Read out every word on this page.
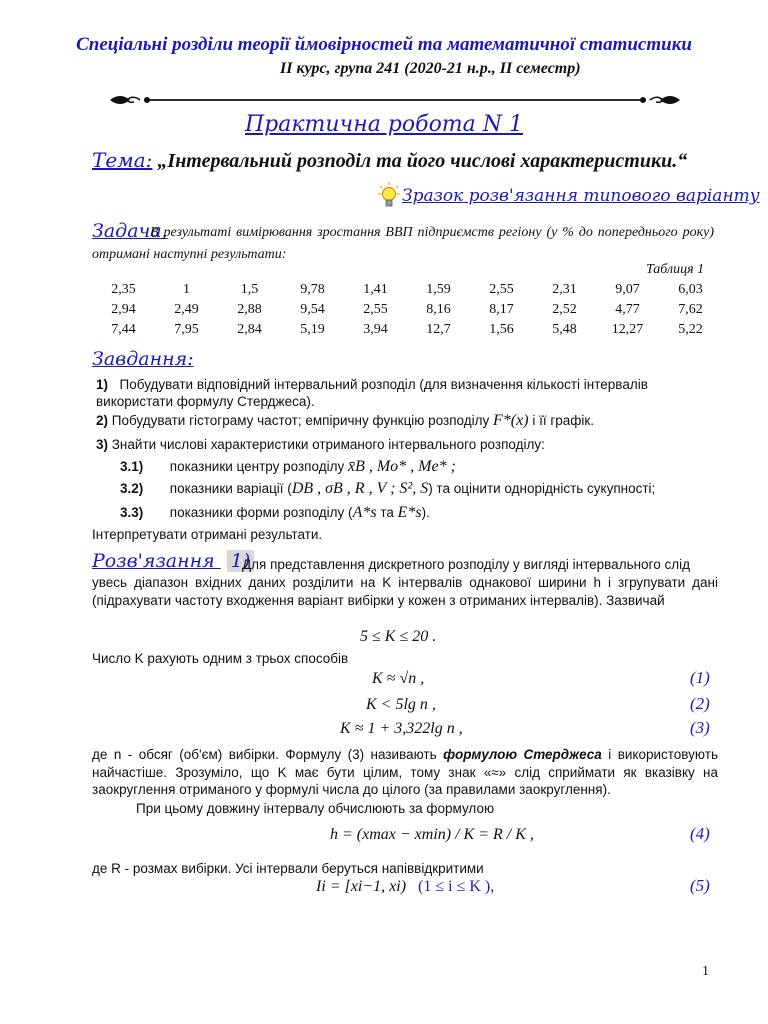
Спеціальні розділи теорії ймовірностей та математичної статистики
II курс, група 241 (2020-21 н.р., II семестр)
Практична робота N 1
Тема: „Інтервальний розподіл та його числові характеристики.“
Зразок розв'язання типового варіанту
Задача.
В результаті вимірювання зростання ВВП підприємств регіону (у % до попереднього року) отримані наступні результати:
Таблиця 1
2,35	1	1,5	9,78	1,41	1,59	2,55	2,31	9,07	6,03
2,94	2,49	2,88	9,54	2,55	8,16	8,17	2,52	4,77	7,62
7,44	7,95	2,84	5,19	3,94	12,7	1,56	5,48	12,27	5,22
Завдання:
1) Побудувати відповідний інтервальний розподіл (для визначення кількості інтервалів використати формулу Стерджеса).
2) Побудувати гістограму частот; емпіричну функцію розподілу F*(x) і її графік.
3) Знайти числові характеристики отриманого інтервального розподілу:
3.1) показники центру розподілу x̄B , Mo* , Me* ;
3.2) показники варіації (DB , σB , R , V ; S², S) та оцінити однорідність сукупності;
3.3) показники форми розподілу (A*s та E*s).
Інтерпретувати отримані результати.
Розв'язання 1)
Для представлення дискретного розподілу у вигляді інтервального слід
увесь діапазон вхідних даних розділити на K інтервалів однакової ширини h і згрупувати дані (підрахувати частоту входження варіант вибірки у кожен з отриманих інтервалів). Зазвичай
5 ≤ K ≤ 20 .
Число K рахують одним з трьох способів
K ≈ √n ,	(1)
K < 5lg n ,	(2)
K ≈ 1 + 3,322lg n ,	(3)
де n - обсяг (об'єм) вибірки. Формулу (3) називають формулою Стерджеса і використовують найчастіше. Зрозуміло, що K має бути цілим, тому знак «≈» слід сприймати як вказівку на заокруглення отриманого у формулі числа до цілого (за правилами заокруглення).
При цьому довжину інтервалу обчислюють за формулою
h = (xmax − xmin) / K = R / K ,	(4)
де R - розмах вибірки. Усі інтервали беруться напіввідкритими
Ii = [xi−1, xi) (1 ≤ i ≤ K ),	(5)
1
